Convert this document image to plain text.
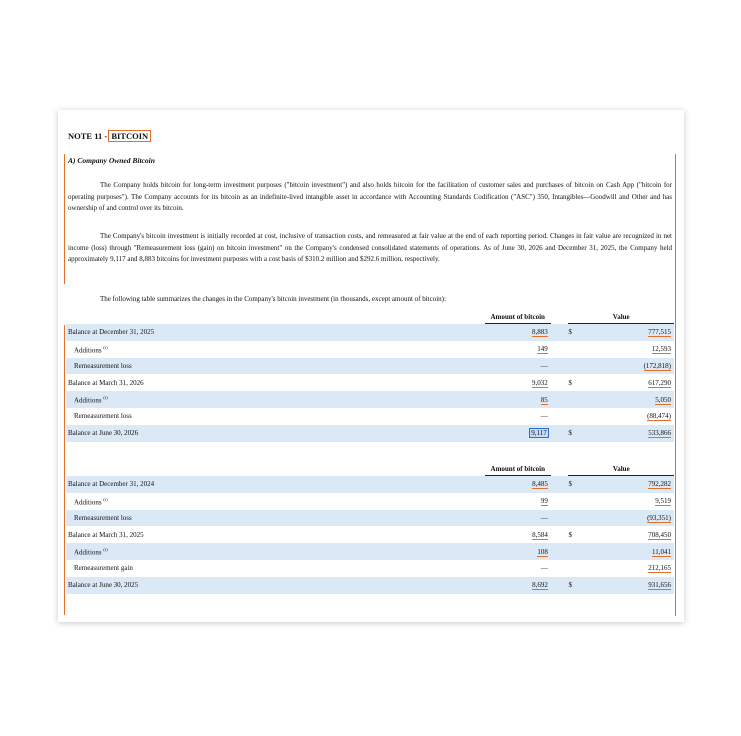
NOTE 11 - BITCOIN
A) Company Owned Bitcoin
The Company holds bitcoin for long-term investment purposes ("bitcoin investment") and also holds bitcoin for the facilitation of customer sales and purchases of bitcoin on Cash App ("bitcoin for operating purposes"). The Company accounts for its bitcoin as an indefinite-lived intangible asset in accordance with Accounting Standards Codification ("ASC") 350, Intangibles—Goodwill and Other and has ownership of and control over its bitcoin.
The Company's bitcoin investment is initially recorded at cost, inclusive of transaction costs, and remeasured at fair value at the end of each reporting period. Changes in fair value are recognized in net income (loss) through "Remeasurement loss (gain) on bitcoin investment" on the Company's condensed consolidated statements of operations. As of June 30, 2026 and December 31, 2025, the Company held approximately 9,117 and 8,883 bitcoins for investment purposes with a cost basis of $310.2 million and $292.6 million, respectively.
The following table summarizes the changes in the Company's bitcoin investment (in thousands, except amount of bitcoin):
	Amount of bitcoin		Value	
Balance at December 31, 2025	8,883		$	777,515
Additions $^{(i)}$	149			12,593
Remeasurement loss	—			(172,818)
Balance at March 31, 2026	9,032		$	617,290
Additions $^{(i)}$	85			5,050
Remeasurement loss	—			(88,474)
Balance at June 30, 2026	9,117		$	533,866
	Amount of bitcoin		Value	
Balance at December 31, 2024	8,485		$	792,282
Additions $^{(i)}$	99			9,519
Remeasurement loss	—			(93,351)
Balance at March 31, 2025	8,584		$	708,450
Additions $^{(i)}$	108			11,041
Remeasurement gain	—			212,165
Balance at June 30, 2025	8,692		$	931,656
